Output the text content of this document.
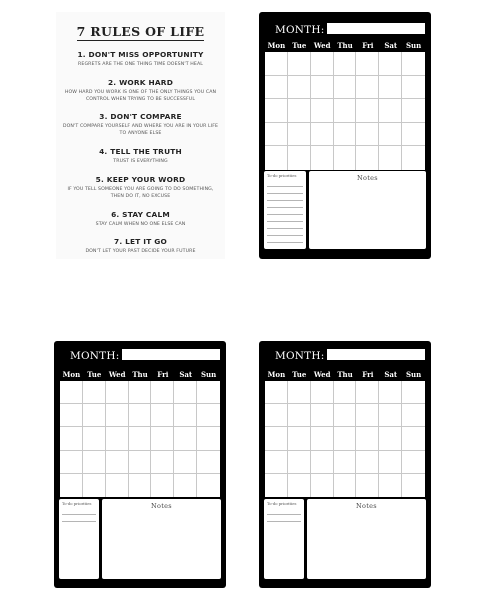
7 RULES OF LIFE
1. DON'T MISS OPPORTUNITY
REGRETS ARE THE ONE THING TIME DOESN'T HEAL
2. WORK HARD
HOW HARD YOU WORK IS ONE OF THE ONLY THINGS YOU CAN CONTROL WHEN TRYING TO BE SUCCESSFUL
3. DON'T COMPARE
DON'T COMPARE YOURSELF AND WHERE YOU ARE IN YOUR LIFE TO ANYONE ELSE
4. TELL THE TRUTH
TRUST IS EVERYTHING
5. KEEP YOUR WORD
IF YOU TELL SOMEONE YOU ARE GOING TO DO SOMETHING, THEN DO IT, NO EXCUSE
6. STAY CALM
STAY CALM WHEN NO ONE ELSE CAN
7. LET IT GO
DON'T LET YOUR PAST DECIDE YOUR FUTURE
MONTH:
Mon	Tue	Wed Thu	Fri	Sat	Sun
To-do priorities	Notes
MONTH:
Mon	Tue	Wed Thu	Fri	Sat	Sun
To-do priorities	Notes
MONTH:
Mon	Tue	Wed Thu	Fri	Sat	Sun
To-do priorities	Notes
